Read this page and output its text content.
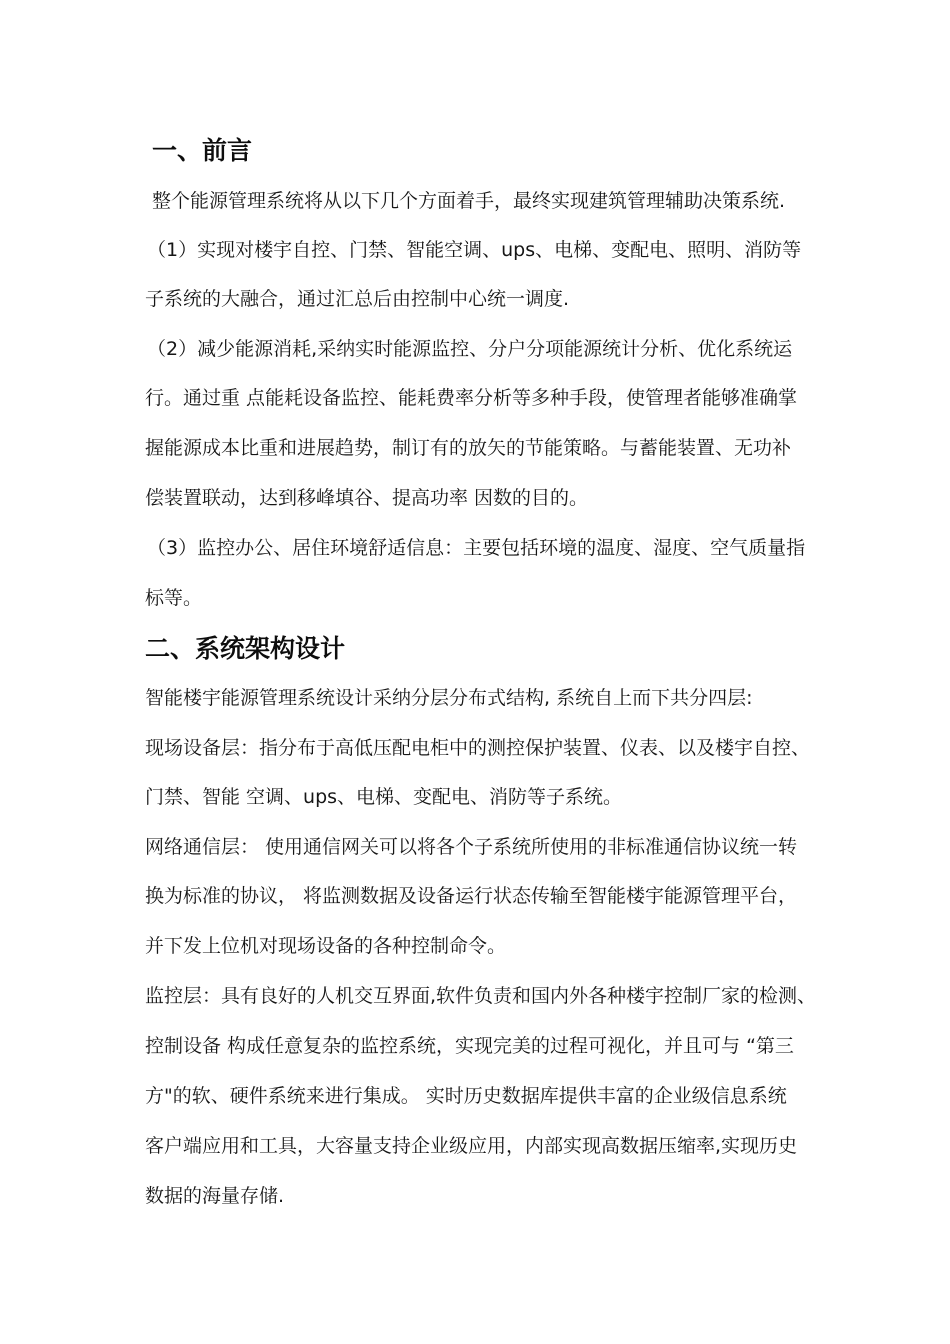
一、前言
整个能源管理系统将从以下几个方面着手，最终实现建筑管理辅助决策系统.
（1）实现对楼宇自控、门禁、智能空调、ups、电梯、变配电、照明、消防等
子系统的大融合，通过汇总后由控制中心统一调度.
（2）减少能源消耗,采纳实时能源监控、分户分项能源统计分析、优化系统运
行。通过重 点能耗设备监控、能耗费率分析等多种手段，使管理者能够准确掌
握能源成本比重和进展趋势，制订有的放矢的节能策略。与蓄能装置、无功补
偿装置联动，达到移峰填谷、提高功率 因数的目的。
（3）监控办公、居住环境舒适信息：主要包括环境的温度、湿度、空气质量指
标等。
二、系统架构设计
智能楼宇能源管理系统设计采纳分层分布式结构, 系统自上而下共分四层:
现场设备层：指分布于高低压配电柜中的测控保护装置、仪表、以及楼宇自控、
门禁、智能 空调、ups、电梯、变配电、消防等子系统。
网络通信层： 使用通信网关可以将各个子系统所使用的非标准通信协议统一转
换为标准的协议， 将监测数据及设备运行状态传输至智能楼宇能源管理平台，
并下发上位机对现场设备的各种控制命令。
监控层：具有良好的人机交互界面,软件负责和国内外各种楼宇控制厂家的检测、
控制设备 构成任意复杂的监控系统，实现完美的过程可视化，并且可与 “第三
方"的软、硬件系统来进行集成。 实时历史数据库提供丰富的企业级信息系统
客户端应用和工具，大容量支持企业级应用，内部实现高数据压缩率,实现历史
数据的海量存储.
